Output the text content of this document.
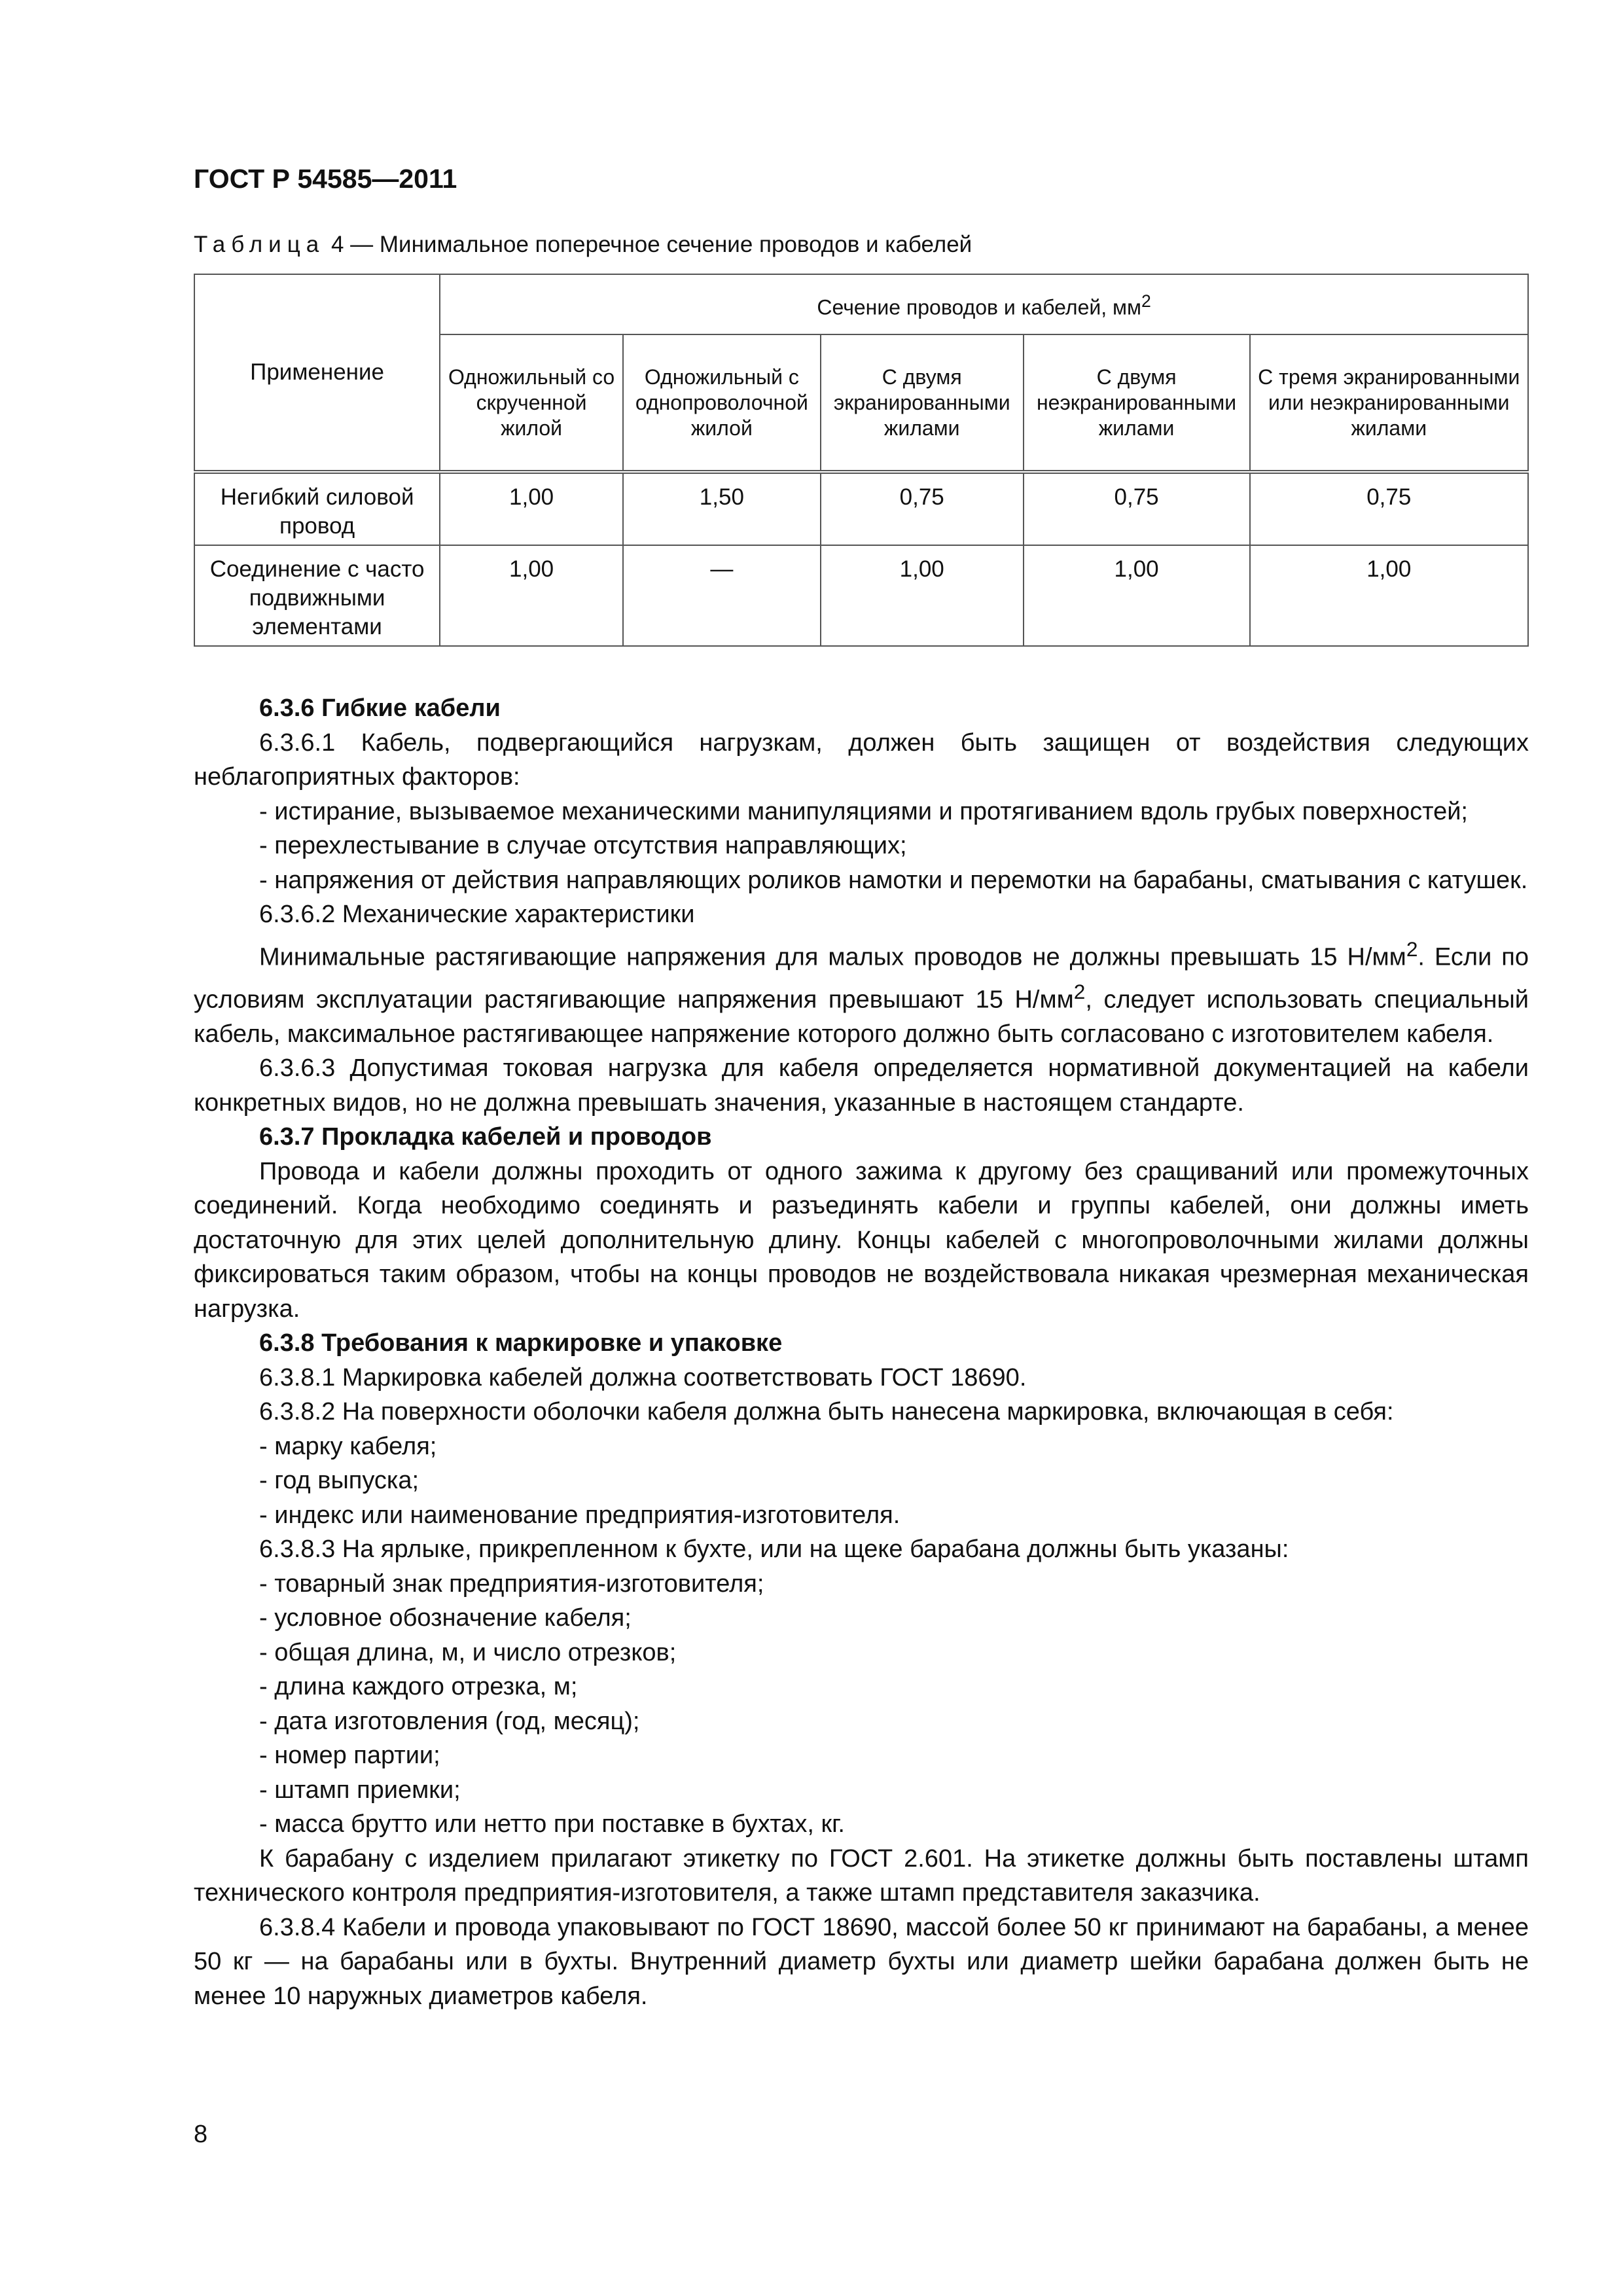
ГОСТ Р 54585—2011
Таблица 4 — Минимальное поперечное сечение проводов и кабелей
Применение	Сечение проводов и кабелей, $мм^2$
	Одножильный со скрученной жилой	Одножильный с однопроволочной жилой	С двумя экранированными жилами	С двумя неэкранированными жилами	С тремя экранированными или неэкранированными жилами
Негибкий силовой провод	1,00	1,50	0,75	0,75	0,75
Соединение с часто подвижными элементами	1,00	—	1,00	1,00	1,00

6.3.6 Гибкие кабели

6.3.6.1 Кабель, подвергающийся нагрузкам, должен быть защищен от воздействия следующих неблагоприятных факторов:

- истирание, вызываемое механическими манипуляциями и протягиванием вдоль грубых поверхностей;

- перехлестывание в случае отсутствия направляющих;

- напряжения от действия направляющих роликов намотки и перемотки на барабаны, сматывания с катушек.

6.3.6.2 Механические характеристики

Минимальные растягивающие напряжения для малых проводов не должны превышать 15 $Н/мм^2$. Если по условиям эксплуатации растягивающие напряжения превышают 15 $Н/мм^2$, следует использовать специальный кабель, максимальное растягивающее напряжение которого должно быть согласовано с изготовителем кабеля.

6.3.6.3 Допустимая токовая нагрузка для кабеля определяется нормативной документацией на кабели конкретных видов, но не должна превышать значения, указанные в настоящем стандарте.

6.3.7 Прокладка кабелей и проводов

Провода и кабели должны проходить от одного зажима к другому без сращиваний или промежуточных соединений. Когда необходимо соединять и разъединять кабели и группы кабелей, они должны иметь достаточную для этих целей дополнительную длину. Концы кабелей с многопроволочными жилами должны фиксироваться таким образом, чтобы на концы проводов не воздействовала никакая чрезмерная механическая нагрузка.

6.3.8 Требования к маркировке и упаковке

6.3.8.1 Маркировка кабелей должна соответствовать ГОСТ 18690.

6.3.8.2 На поверхности оболочки кабеля должна быть нанесена маркировка, включающая в себя:

- марку кабеля;

- год выпуска;

- индекс или наименование предприятия-изготовителя.

6.3.8.3 На ярлыке, прикрепленном к бухте, или на щеке барабана должны быть указаны:

- товарный знак предприятия-изготовителя;

- условное обозначение кабеля;

- общая длина, м, и число отрезков;

- длина каждого отрезка, м;

- дата изготовления (год, месяц);

- номер партии;

- штамп приемки;

- масса брутто или нетто при поставке в бухтах, кг.

К барабану с изделием прилагают этикетку по ГОСТ 2.601. На этикетке должны быть поставлены штамп технического контроля предприятия-изготовителя, а также штамп представителя заказчика.

6.3.8.4 Кабели и провода упаковывают по ГОСТ 18690, массой более 50 кг принимают на барабаны, а менее 50 кг — на барабаны или в бухты. Внутренний диаметр бухты или диаметр шейки барабана должен быть не менее 10 наружных диаметров кабеля.

8
